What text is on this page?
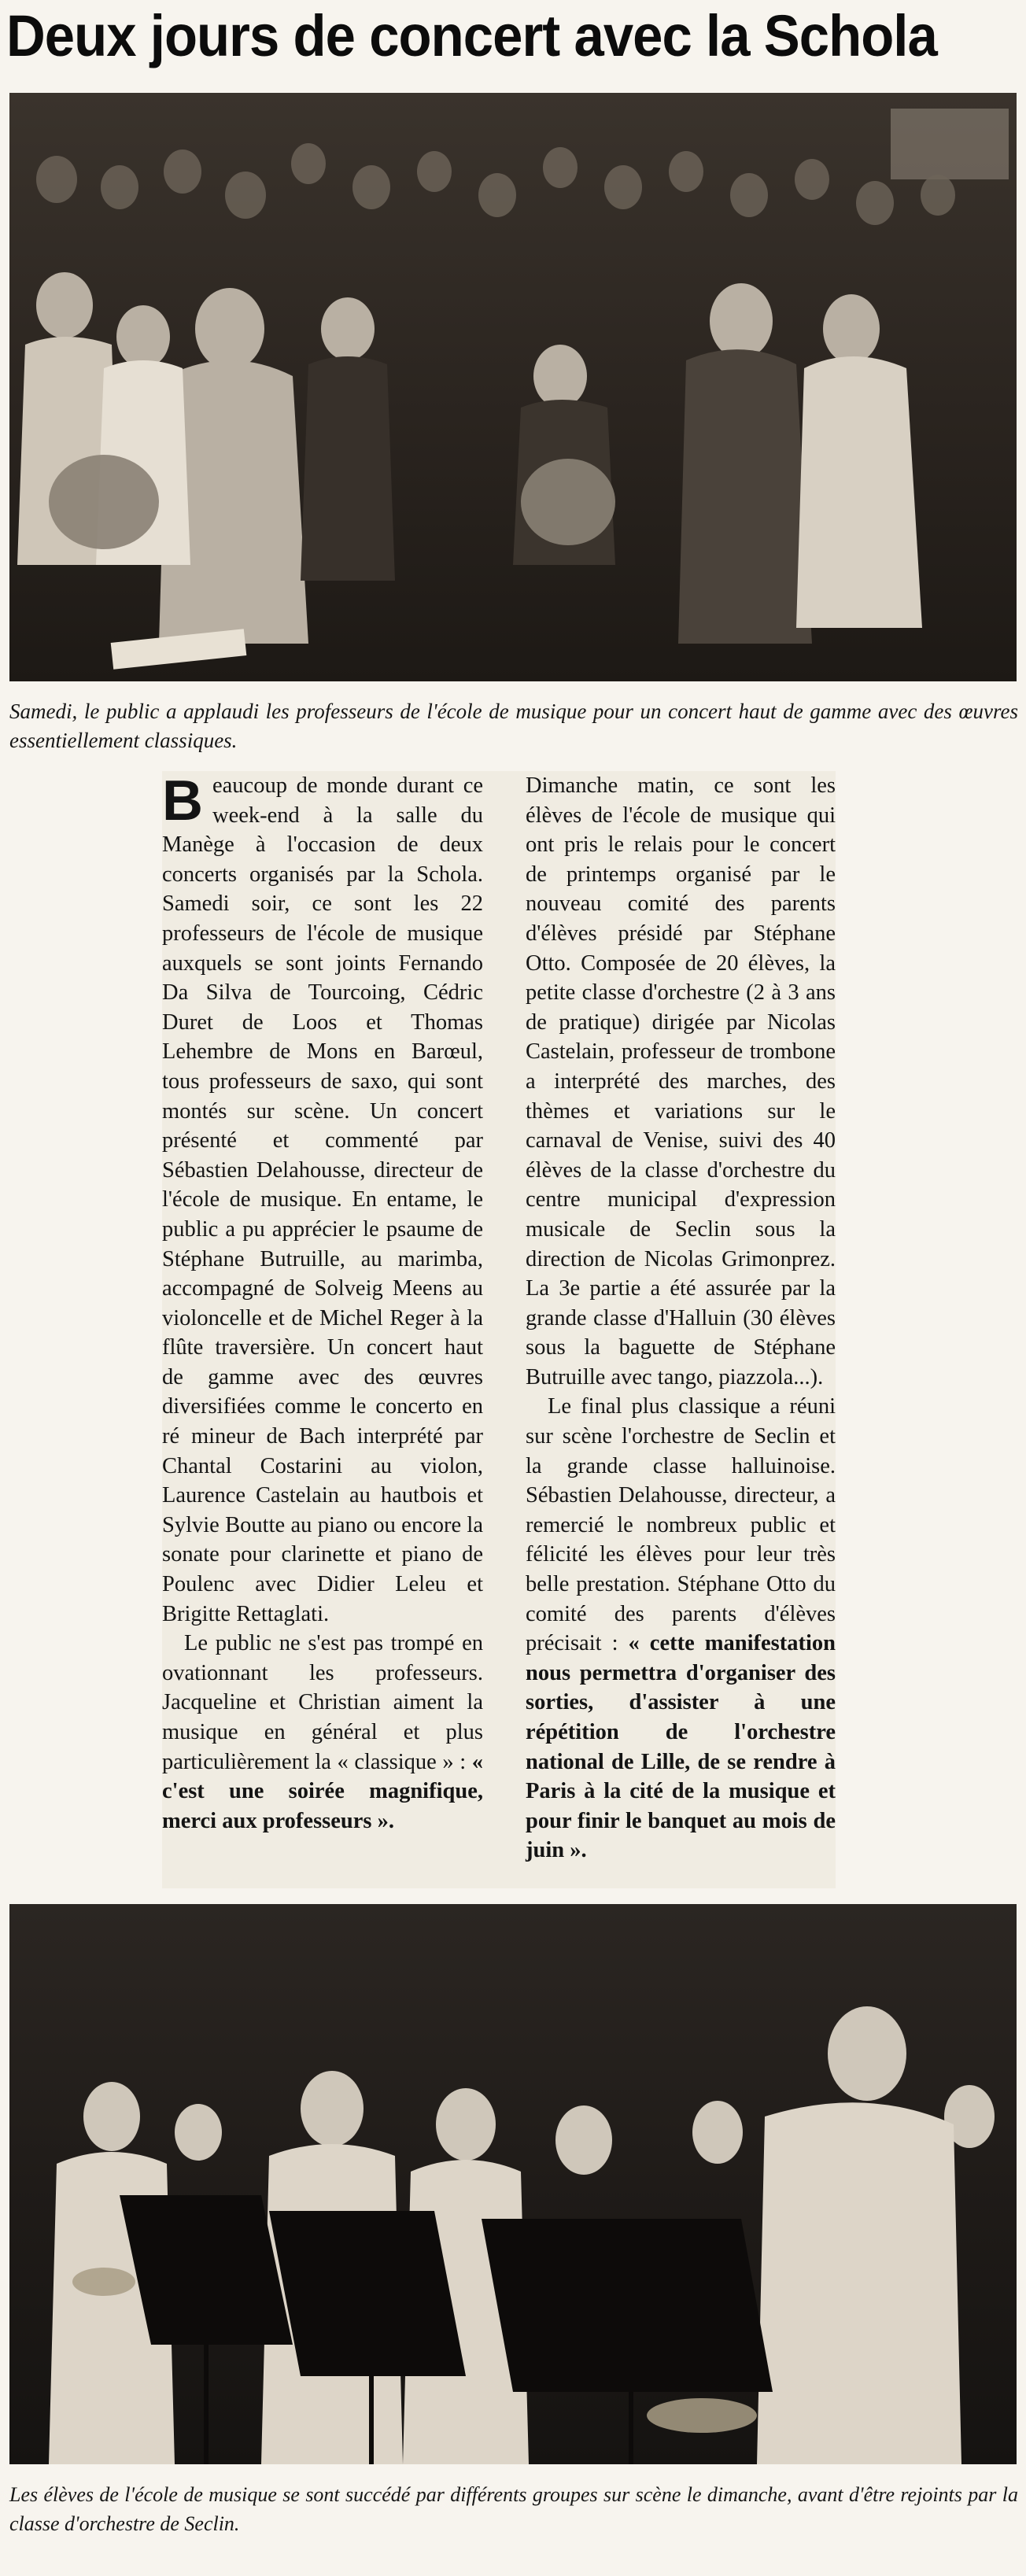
Deux jours de concert avec la Schola
Samedi, le public a applaudi les professeurs de l'école de musique pour un concert haut de gamme avec des œuvres essentiellement classiques.

Beaucoup de monde durant ce week-end à la salle du Manège à l'occasion de deux concerts organisés par la Schola. Samedi soir, ce sont les 22 professeurs de l'école de musique auxquels se sont joints Fernando Da Silva de Tourcoing, Cédric Duret de Loos et Thomas Lehembre de Mons en Barœul, tous professeurs de saxo, qui sont montés sur scène. Un concert présenté et commenté par Sébastien Delahousse, directeur de l'école de musique. En entame, le public a pu apprécier le psaume de Stéphane Butruille, au marimba, accompagné de Solveig Meens au violoncelle et de Michel Reger à la flûte traversière. Un concert haut de gamme avec des œuvres diversifiées comme le concerto en ré mineur de Bach interprété par Chantal Costarini au violon, Laurence Castelain au hautbois et Sylvie Boutte au piano ou encore la sonate pour clarinette et piano de Poulenc avec Didier Leleu et Brigitte Rettaglati.

Le public ne s'est pas trompé en ovationnant les professeurs. Jacqueline et Christian aiment la musique en général et plus particulièrement la « classique » : « c'est une soirée magnifique, merci aux professeurs ».

Dimanche matin, ce sont les élèves de l'école de musique qui ont pris le relais pour le concert de printemps organisé par le nouveau comité des parents d'élèves présidé par Stéphane Otto. Composée de 20 élèves, la petite classe d'orchestre (2 à 3 ans de pratique) dirigée par Nicolas Castelain, professeur de trombone a interprété des marches, des thèmes et variations sur le carnaval de Venise, suivi des 40 élèves de la classe d'orchestre du centre municipal d'expression musicale de Seclin sous la direction de Nicolas Grimonprez. La 3e partie a été assurée par la grande classe d'Halluin (30 élèves sous la baguette de Stéphane Butruille avec tango, piazzola...).

Le final plus classique a réuni sur scène l'orchestre de Seclin et la grande classe halluinoise. Sébastien Delahousse, directeur, a remercié le nombreux public et félicité les élèves pour leur très belle prestation. Stéphane Otto du comité des parents d'élèves précisait : « cette manifestation nous permettra d'organiser des sorties, d'assister à une répétition de l'orchestre national de Lille, de se rendre à Paris à la cité de la musique et pour finir le banquet au mois de juin ».

Les élèves de l'école de musique se sont succédé par différents groupes sur scène le dimanche, avant d'être rejoints par la classe d'orchestre de Seclin.
